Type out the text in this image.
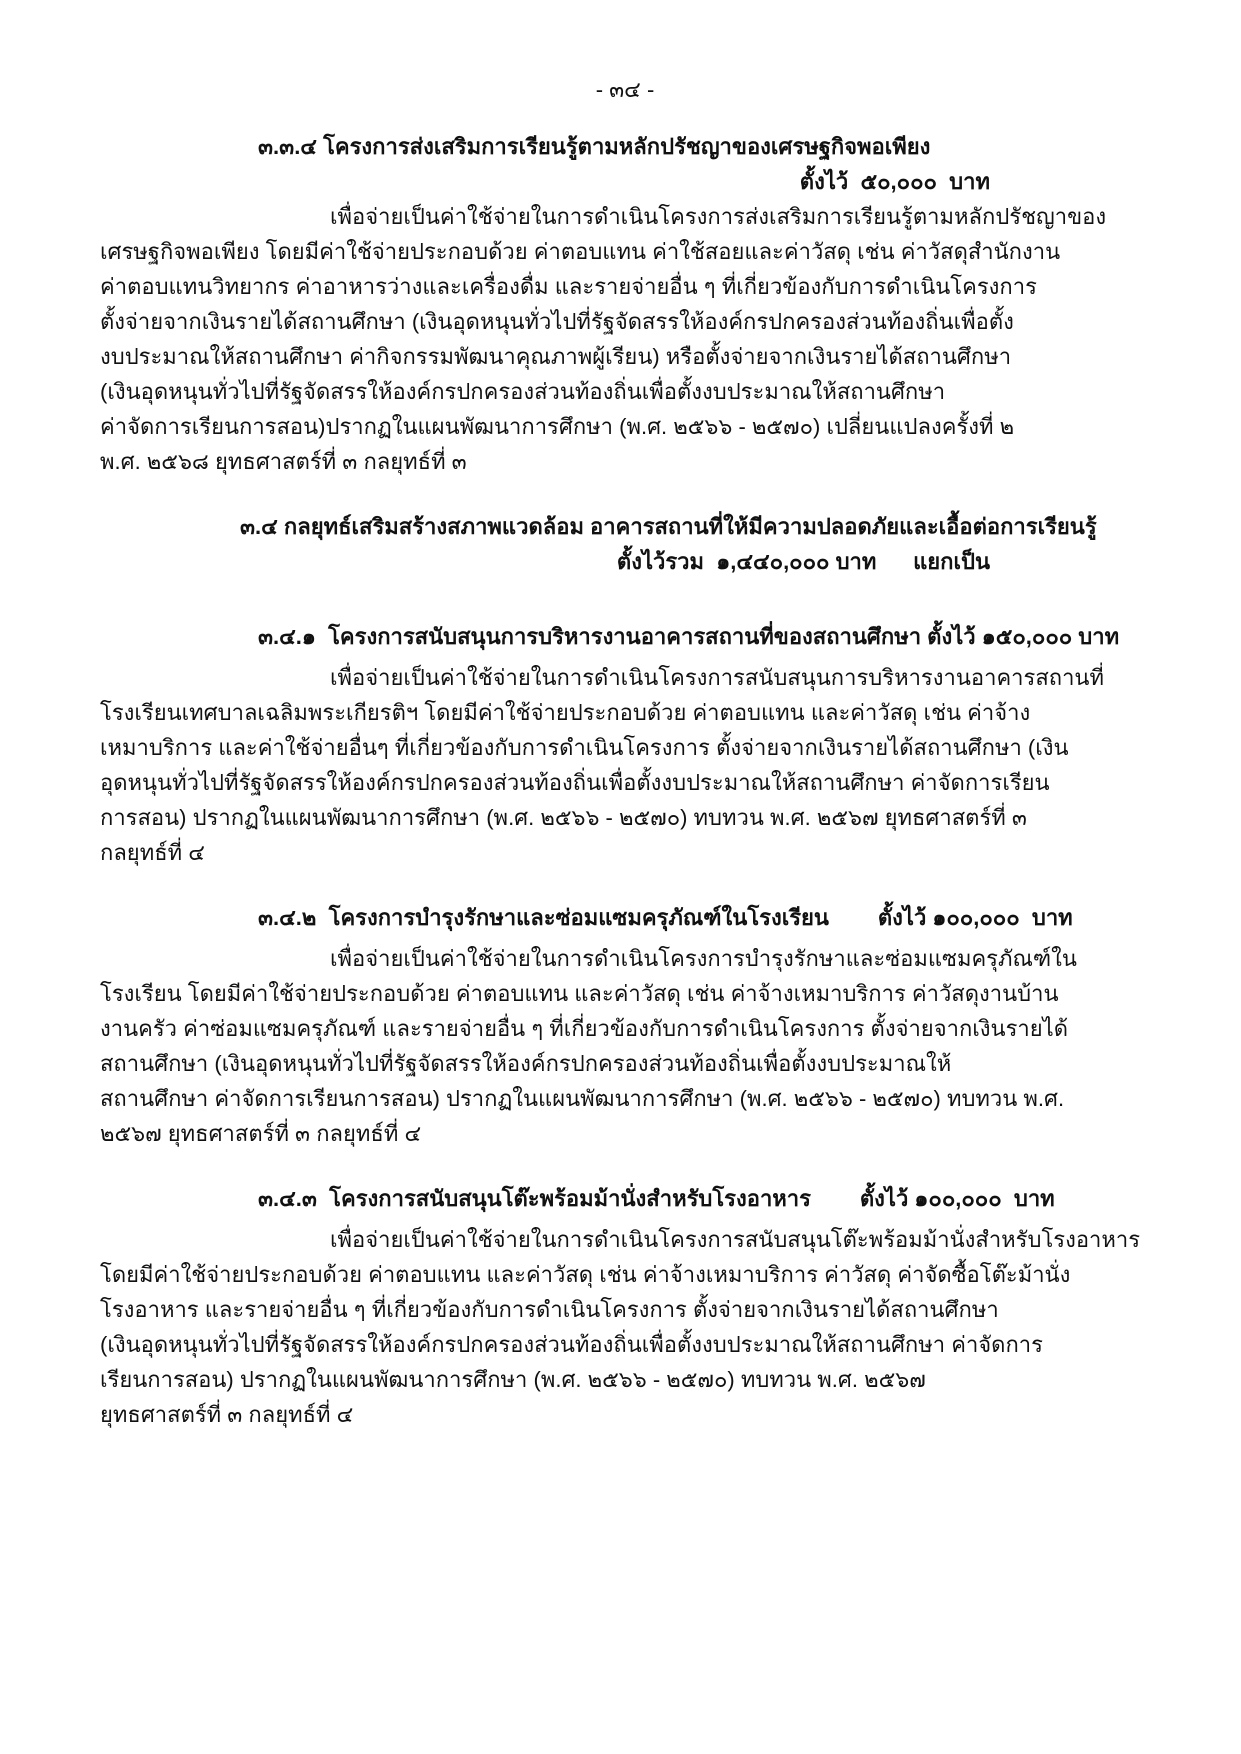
- ๓๔ -
๓.๓.๔ โครงการส่งเสริมการเรียนรู้ตามหลักปรัชญาของเศรษฐกิจพอเพียง
ตั้งไว้  ๕๐,๐๐๐  บาท
เพื่อจ่ายเป็นค่าใช้จ่ายในการดำเนินโครงการส่งเสริมการเรียนรู้ตามหลักปรัชญาของ
เศรษฐกิจพอเพียง โดยมีค่าใช้จ่ายประกอบด้วย ค่าตอบแทน ค่าใช้สอยและค่าวัสดุ เช่น ค่าวัสดุสำนักงาน
ค่าตอบแทนวิทยากร ค่าอาหารว่างและเครื่องดื่ม และรายจ่ายอื่น ๆ ที่เกี่ยวข้องกับการดำเนินโครงการ
ตั้งจ่ายจากเงินรายได้สถานศึกษา (เงินอุดหนุนทั่วไปที่รัฐจัดสรรให้องค์กรปกครองส่วนท้องถิ่นเพื่อตั้ง
งบประมาณให้สถานศึกษา ค่ากิจกรรมพัฒนาคุณภาพผู้เรียน) หรือตั้งจ่ายจากเงินรายได้สถานศึกษา
(เงินอุดหนุนทั่วไปที่รัฐจัดสรรให้องค์กรปกครองส่วนท้องถิ่นเพื่อตั้งงบประมาณให้สถานศึกษา
ค่าจัดการเรียนการสอน)ปรากฏในแผนพัฒนาการศึกษา (พ.ศ. ๒๕๖๖ - ๒๕๗๐) เปลี่ยนแปลงครั้งที่ ๒
พ.ศ. ๒๕๖๘ ยุทธศาสตร์ที่ ๓ กลยุทธ์ที่ ๓
๓.๔ กลยุทธ์เสริมสร้างสภาพแวดล้อม อาคารสถานที่ให้มีความปลอดภัยและเอื้อต่อการเรียนรู้
ตั้งไว้รวม  ๑,๔๔๐,๐๐๐ บาท      แยกเป็น
๓.๔.๑  โครงการสนับสนุนการบริหารงานอาคารสถานที่ของสถานศึกษา ตั้งไว้ ๑๕๐,๐๐๐ บาท
เพื่อจ่ายเป็นค่าใช้จ่ายในการดำเนินโครงการสนับสนุนการบริหารงานอาคารสถานที่
โรงเรียนเทศบาลเฉลิมพระเกียรติฯ โดยมีค่าใช้จ่ายประกอบด้วย ค่าตอบแทน และค่าวัสดุ เช่น ค่าจ้าง
เหมาบริการ และค่าใช้จ่ายอื่นๆ ที่เกี่ยวข้องกับการดำเนินโครงการ ตั้งจ่ายจากเงินรายได้สถานศึกษา (เงิน
อุดหนุนทั่วไปที่รัฐจัดสรรให้องค์กรปกครองส่วนท้องถิ่นเพื่อตั้งงบประมาณให้สถานศึกษา ค่าจัดการเรียน
การสอน) ปรากฏในแผนพัฒนาการศึกษา (พ.ศ. ๒๕๖๖ - ๒๕๗๐) ทบทวน พ.ศ. ๒๕๖๗ ยุทธศาสตร์ที่ ๓
กลยุทธ์ที่ ๔
๓.๔.๒  โครงการบำรุงรักษาและซ่อมแซมครุภัณฑ์ในโรงเรียน        ตั้งไว้ ๑๐๐,๐๐๐  บาท
เพื่อจ่ายเป็นค่าใช้จ่ายในการดำเนินโครงการบำรุงรักษาและซ่อมแซมครุภัณฑ์ใน
โรงเรียน โดยมีค่าใช้จ่ายประกอบด้วย ค่าตอบแทน และค่าวัสดุ เช่น ค่าจ้างเหมาบริการ ค่าวัสดุงานบ้าน
งานครัว ค่าซ่อมแซมครุภัณฑ์ และรายจ่ายอื่น ๆ ที่เกี่ยวข้องกับการดำเนินโครงการ ตั้งจ่ายจากเงินรายได้
สถานศึกษา (เงินอุดหนุนทั่วไปที่รัฐจัดสรรให้องค์กรปกครองส่วนท้องถิ่นเพื่อตั้งงบประมาณให้
สถานศึกษา ค่าจัดการเรียนการสอน) ปรากฏในแผนพัฒนาการศึกษา (พ.ศ. ๒๕๖๖ - ๒๕๗๐) ทบทวน พ.ศ.
๒๕๖๗ ยุทธศาสตร์ที่ ๓ กลยุทธ์ที่ ๔
๓.๔.๓  โครงการสนับสนุนโต๊ะพร้อมม้านั่งสำหรับโรงอาหาร        ตั้งไว้ ๑๐๐,๐๐๐  บาท
เพื่อจ่ายเป็นค่าใช้จ่ายในการดำเนินโครงการสนับสนุนโต๊ะพร้อมม้านั่งสำหรับโรงอาหาร
โดยมีค่าใช้จ่ายประกอบด้วย ค่าตอบแทน และค่าวัสดุ เช่น ค่าจ้างเหมาบริการ ค่าวัสดุ ค่าจัดซื้อโต๊ะม้านั่ง
โรงอาหาร และรายจ่ายอื่น ๆ ที่เกี่ยวข้องกับการดำเนินโครงการ ตั้งจ่ายจากเงินรายได้สถานศึกษา
(เงินอุดหนุนทั่วไปที่รัฐจัดสรรให้องค์กรปกครองส่วนท้องถิ่นเพื่อตั้งงบประมาณให้สถานศึกษา ค่าจัดการ
เรียนการสอน) ปรากฏในแผนพัฒนาการศึกษา (พ.ศ. ๒๕๖๖ - ๒๕๗๐) ทบทวน พ.ศ. ๒๕๖๗
ยุทธศาสตร์ที่ ๓ กลยุทธ์ที่ ๔
